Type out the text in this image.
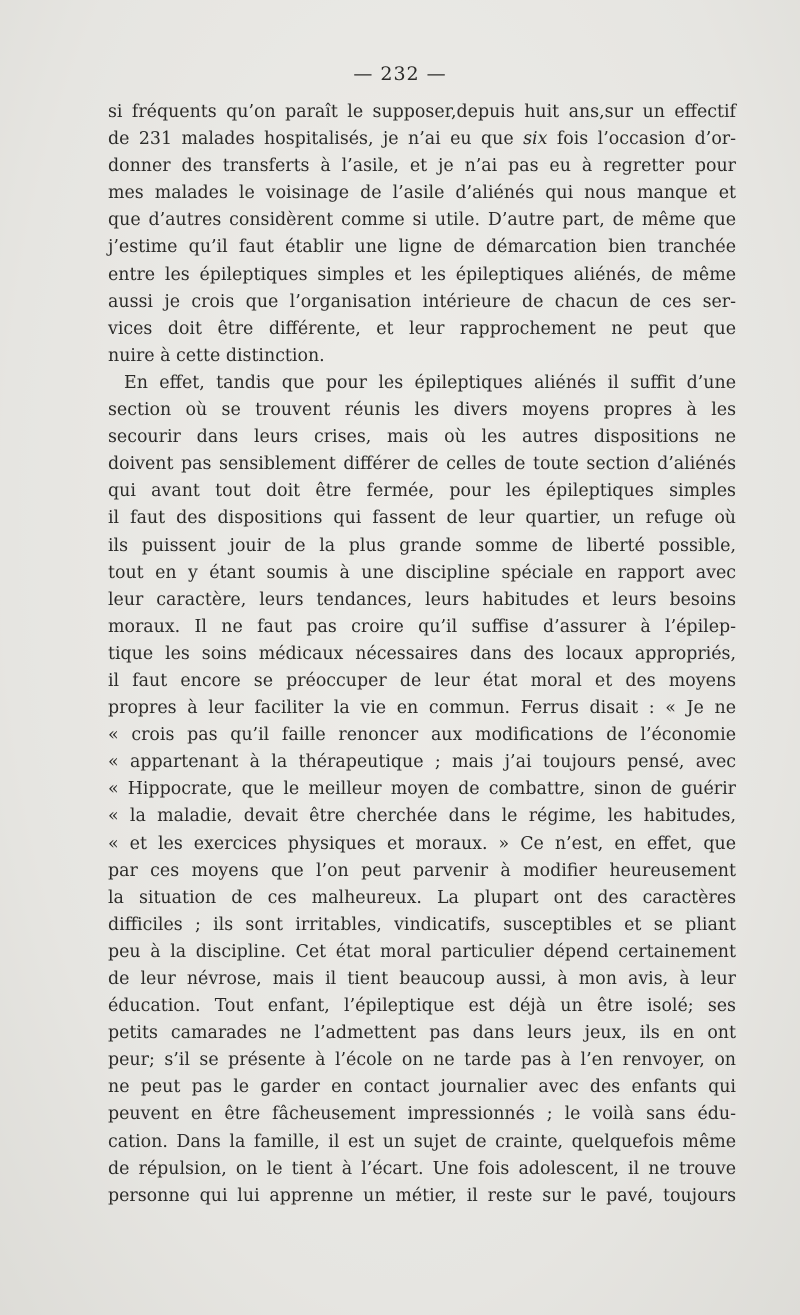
— 232 —
si fréquents qu’on paraît le supposer,depuis huit ans,sur un effectif
de 231 malades hospitalisés, je n’ai eu que six fois l’occasion d’or-
donner des transferts à l’asile, et je n’ai pas eu à regretter pour
mes malades le voisinage de l’asile d’aliénés qui nous manque et
que d’autres considèrent comme si utile. D’autre part, de même que
j’estime qu’il faut établir une ligne de démarcation bien tranchée
entre les épileptiques simples et les épileptiques aliénés, de même
aussi je crois que l’organisation intérieure de chacun de ces ser-
vices doit être différente, et leur rapprochement ne peut que
nuire à cette distinction.
En effet, tandis que pour les épileptiques aliénés il suffit d’une
section où se trouvent réunis les divers moyens propres à les
secourir dans leurs crises, mais où les autres dispositions ne
doivent pas sensiblement différer de celles de toute section d’aliénés
qui avant tout doit être fermée, pour les épileptiques simples
il faut des dispositions qui fassent de leur quartier, un refuge où
ils puissent jouir de la plus grande somme de liberté possible,
tout en y étant soumis à une discipline spéciale en rapport avec
leur caractère, leurs tendances, leurs habitudes et leurs besoins
moraux. Il ne faut pas croire qu’il suffise d’assurer à l’épilep-
tique les soins médicaux nécessaires dans des locaux appropriés,
il faut encore se préoccuper de leur état moral et des moyens
propres à leur faciliter la vie en commun. Ferrus disait : « Je ne
« crois pas qu’il faille renoncer aux modifications de l’économie
« appartenant à la thérapeutique ; mais j’ai toujours pensé, avec
« Hippocrate, que le meilleur moyen de combattre, sinon de guérir
« la maladie, devait être cherchée dans le régime, les habitudes,
« et les exercices physiques et moraux. » Ce n’est, en effet, que
par ces moyens que l’on peut parvenir à modifier heureusement
la situation de ces malheureux. La plupart ont des caractères
difficiles ; ils sont irritables, vindicatifs, susceptibles et se pliant
peu à la discipline. Cet état moral particulier dépend certainement
de leur névrose, mais il tient beaucoup aussi, à mon avis, à leur
éducation. Tout enfant, l’épileptique est déjà un être isolé; ses
petits camarades ne l’admettent pas dans leurs jeux, ils en ont
peur; s’il se présente à l’école on ne tarde pas à l’en renvoyer, on
ne peut pas le garder en contact journalier avec des enfants qui
peuvent en être fâcheusement impressionnés ; le voilà sans édu-
cation. Dans la famille, il est un sujet de crainte, quelquefois même
de répulsion, on le tient à l’écart. Une fois adolescent, il ne trouve
personne qui lui apprenne un métier, il reste sur le pavé, toujours
